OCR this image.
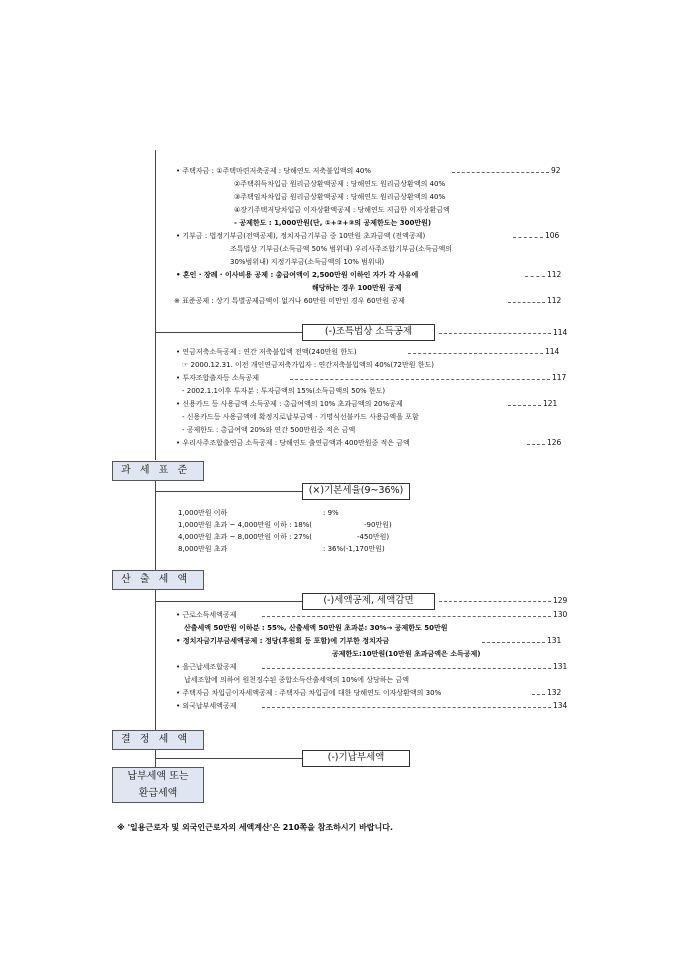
• 주택자금 : ①주택마련저축공제 : 당해연도 저축불입액의 40%	92
②주택취득차입금 원리금상환액공제 : 당해연도 원리금상환액의 40%
③주택임차차입금 원리금상환액공제 : 당해연도 원리금상환액의 40%
④장기주택저당차입금 이자상환액공제 : 당해연도 지급한 이자상환금액
- 공제한도 : 1,000만원(단, ①+②+③의 공제한도는 300만원)
• 기부금 : 법정기부금(전액공제), 정치자금기부금 중 10만원 초과금액 (전액공제)	106
조특법상 기부금(소득금액 50% 범위내) 우리사주조합기부금(소득금액의
30%범위내) 지정기부금(소득금액의 10% 범위내)
• 혼인 · 장례 · 이사비용 공제 : 총급여액이 2,500만원 이하인 자가 각 사유에	112
해당하는 경우 100만원 공제
※ 표준공제 : 상기 특별공제금액이 없거나 60만원 미만인 경우 60만원 공제	112
(-)조특법상 소득공제	114
• 연금저축소득공제 : 연간 저축불입액 전액(240만원 한도)	114
☞ 2000.12.31. 이전 개인연금저축가입자 : 연간저축불입액의 40%(72만원 한도)
• 투자조합출자등 소득공제	117
- 2002.1.1이후 투자분 : 투자금액의 15%(소득금액의 50% 한도)
• 신용카드 등 사용금액 소득공제 : 총급여액의 10% 초과금액의 20%공제	121
- 신용카드등 사용금액에 확정지로납부금액 · 기명식선불카드 사용금액을 포함
- 공제한도 : 총급여액 20%와 연간 500만원중 적은 금액
• 우리사주조합출연금 소득공제 : 당해연도 출연금액과 400만원중 적은 금액	126
과 세 표 준
(×)기본세율(9~36%)
1,000만원 이하	: 9%
1,000만원 초과 ~ 4,000만원 이하 : 18%(	-90만원)
4,000만원 초과 ~ 8,000만원 이하 : 27%(	-450만원)
8,000만원 초과	: 36%(-1,170만원)
산 출 세 액
(-)세액공제, 세액감면	129
• 근로소득세액공제	130
산출세액 50만원 이하분 : 55%, 산출세액 50만원 초과분: 30%→ 공제한도 50만원
• 정치자금기부금세액공제 : 정당(후원회 등 포함)에 기부한 정치자금	131
공제한도:10만원(10만원 초과금액은 소득공제)
• 을근납세조합공제	131
납세조합에 의하여 원천징수된 종합소득산출세액의 10%에 상당하는 금액
• 주택자금 차입금이자세액공제 : 주택자금 차입금에 대한 당해연도 이자상환액의 30%	132
• 외국납부세액공제	134
결 정 세 액
(-)기납부세액
납부세액 또는
환급세액
※ '일용근로자 및 외국인근로자의 세액계산'은 210쪽을 참조하시기 바랍니다.
